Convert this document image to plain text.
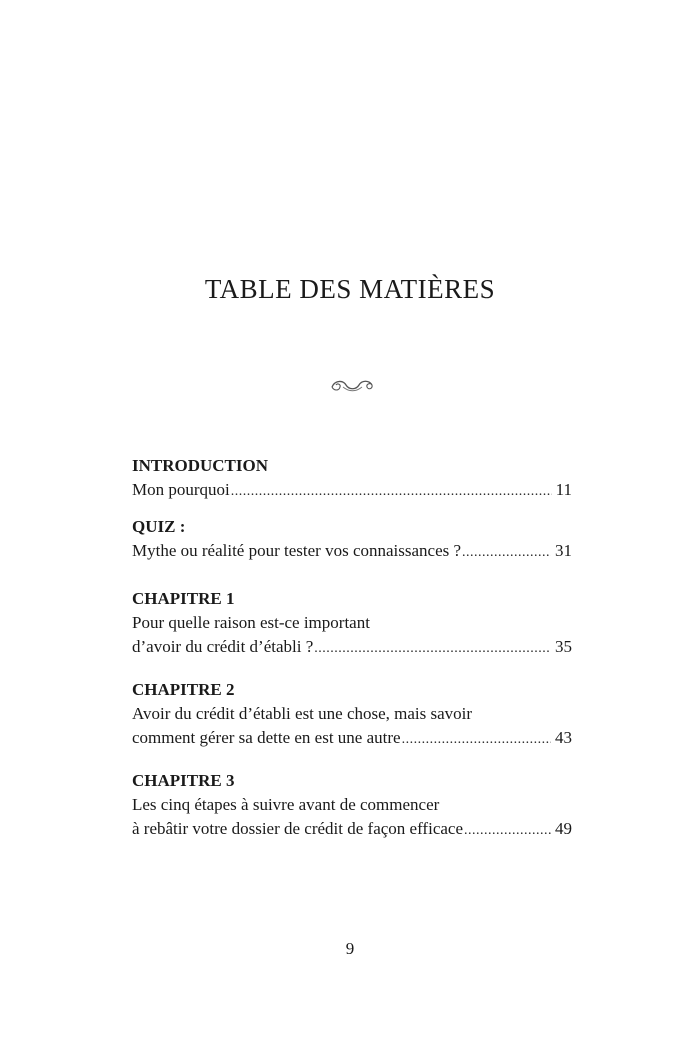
TABLE DES MATIÈRES
INTRODUCTION
Mon pourquoi .....	11
QUIZ :
Mythe ou réalité pour tester vos connaissances ? .....	31
CHAPITRE 1
Pour quelle raison est-ce important
d’avoir du crédit d’établi ? .....	35
CHAPITRE 2
Avoir du crédit d’établi est une chose, mais savoir
comment gérer sa dette en est une autre .....	43
CHAPITRE 3
Les cinq étapes à suivre avant de commencer
à rebâtir votre dossier de crédit de façon efficace .....	49
9
